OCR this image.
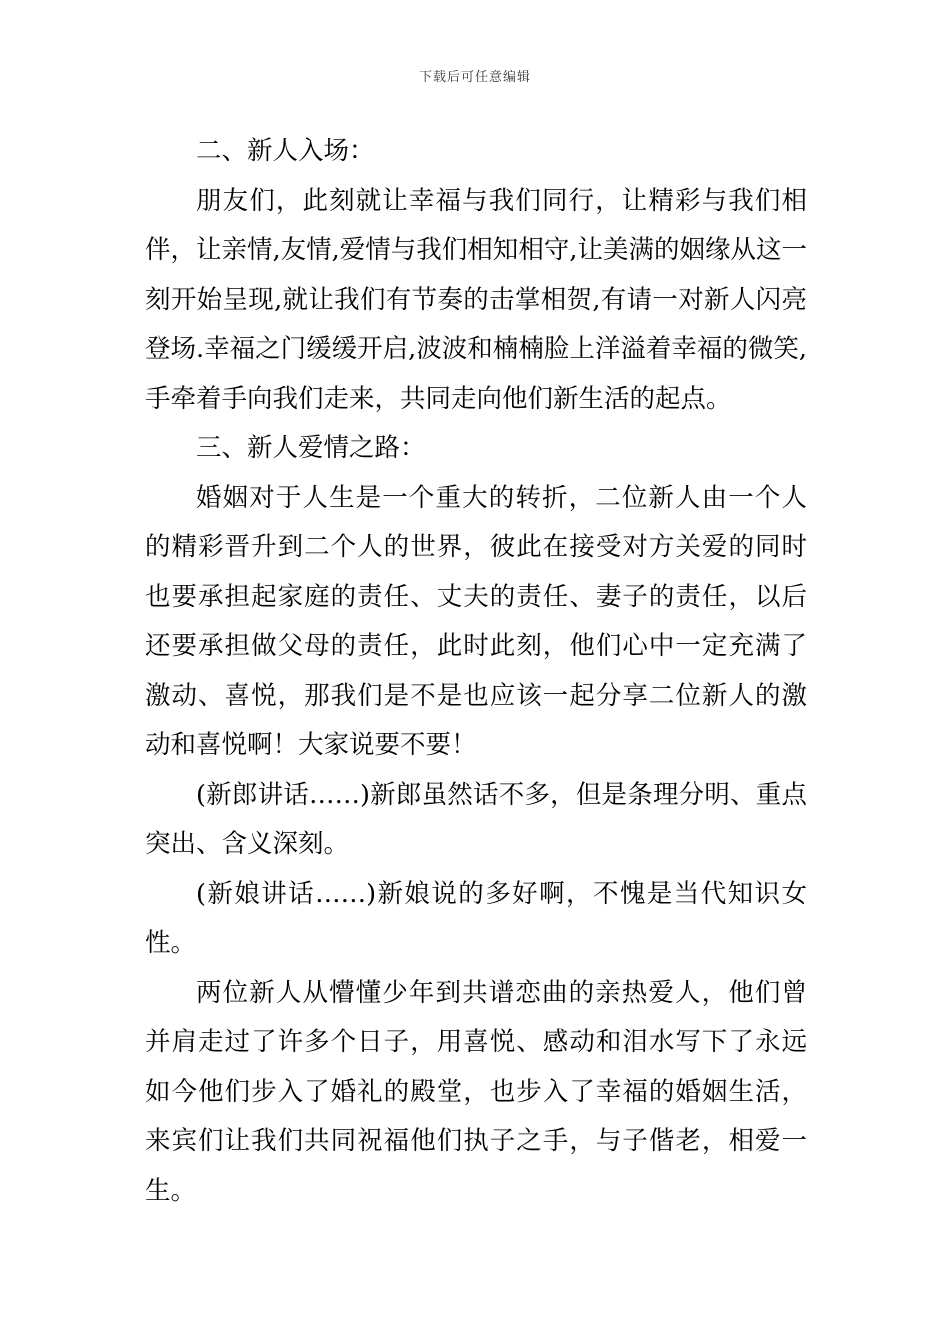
下载后可任意编辑

二、新人入场：

朋友们，此刻就让幸福与我们同行，让精彩与我们相伴，让亲情,友情,爱情与我们相知相守,让美满的姻缘从这一刻开始呈现,就让我们有节奏的击掌相贺,有请一对新人闪亮登场.幸福之门缓缓开启,波波和楠楠脸上洋溢着幸福的微笑,手牵着手向我们走来，共同走向他们新生活的起点。

三、新人爱情之路：

婚姻对于人生是一个重大的转折，二位新人由一个人的精彩晋升到二个人的世界，彼此在接受对方关爱的同时也要承担起家庭的责任、丈夫的责任、妻子的责任，以后还要承担做父母的责任，此时此刻，他们心中一定充满了激动、喜悦，那我们是不是也应该一起分享二位新人的激动和喜悦啊！大家说要不要！

(新郎讲话……)新郎虽然话不多，但是条理分明、重点突出、含义深刻。

(新娘讲话……)新娘说的多好啊，不愧是当代知识女性。

两位新人从懵懂少年到共谱恋曲的亲热爱人，他们曾并肩走过了许多个日子，用喜悦、感动和泪水写下了永远如今他们步入了婚礼的殿堂，也步入了幸福的婚姻生活，来宾们让我们共同祝福他们执子之手，与子偕老，相爱一生。
